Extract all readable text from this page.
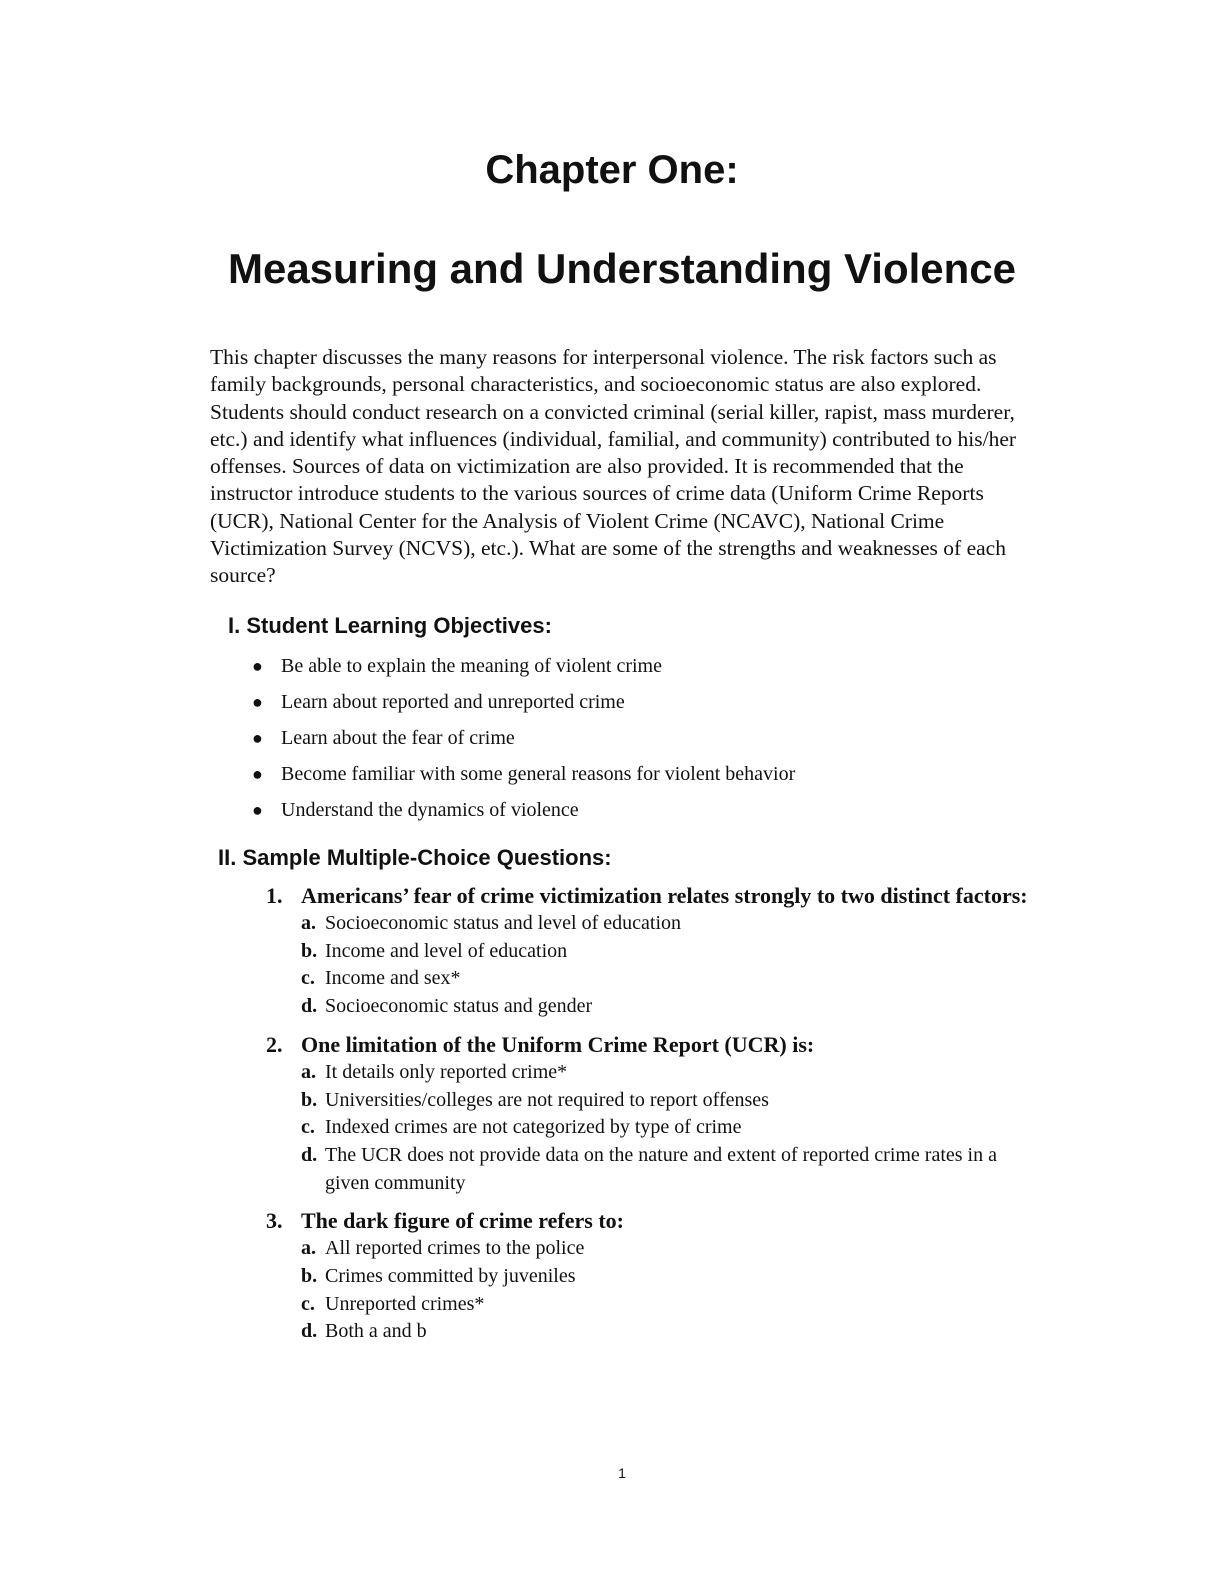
Chapter One:
Measuring and Understanding Violence

This chapter discusses the many reasons for interpersonal violence. The risk factors such as family backgrounds, personal characteristics, and socioeconomic status are also explored. Students should conduct research on a convicted criminal (serial killer, rapist, mass murderer, etc.) and identify what influences (individual, familial, and community) contributed to his/her offenses. Sources of data on victimization are also provided. It is recommended that the instructor introduce students to the various sources of crime data (Uniform Crime Reports (UCR), National Center for the Analysis of Violent Crime (NCAVC), National Crime Victimization Survey (NCVS), etc.). What are some of the strengths and weaknesses of each source?

I. Student Learning Objectives:
● Be able to explain the meaning of violent crime
● Learn about reported and unreported crime
● Learn about the fear of crime
● Become familiar with some general reasons for violent behavior
● Understand the dynamics of violence
II. Sample Multiple-Choice Questions:
1. Americans’ fear of crime victimization relates strongly to two distinct factors:
a. Socioeconomic status and level of education
b. Income and level of education
c. Income and sex*
d. Socioeconomic status and gender
2. One limitation of the Uniform Crime Report (UCR) is:
a. It details only reported crime*
b. Universities/colleges are not required to report offenses
c. Indexed crimes are not categorized by type of crime
d. The UCR does not provide data on the nature and extent of reported crime rates in a given community
3. The dark figure of crime refers to:
a. All reported crimes to the police
b. Crimes committed by juveniles
c. Unreported crimes*
d. Both a and b
1
